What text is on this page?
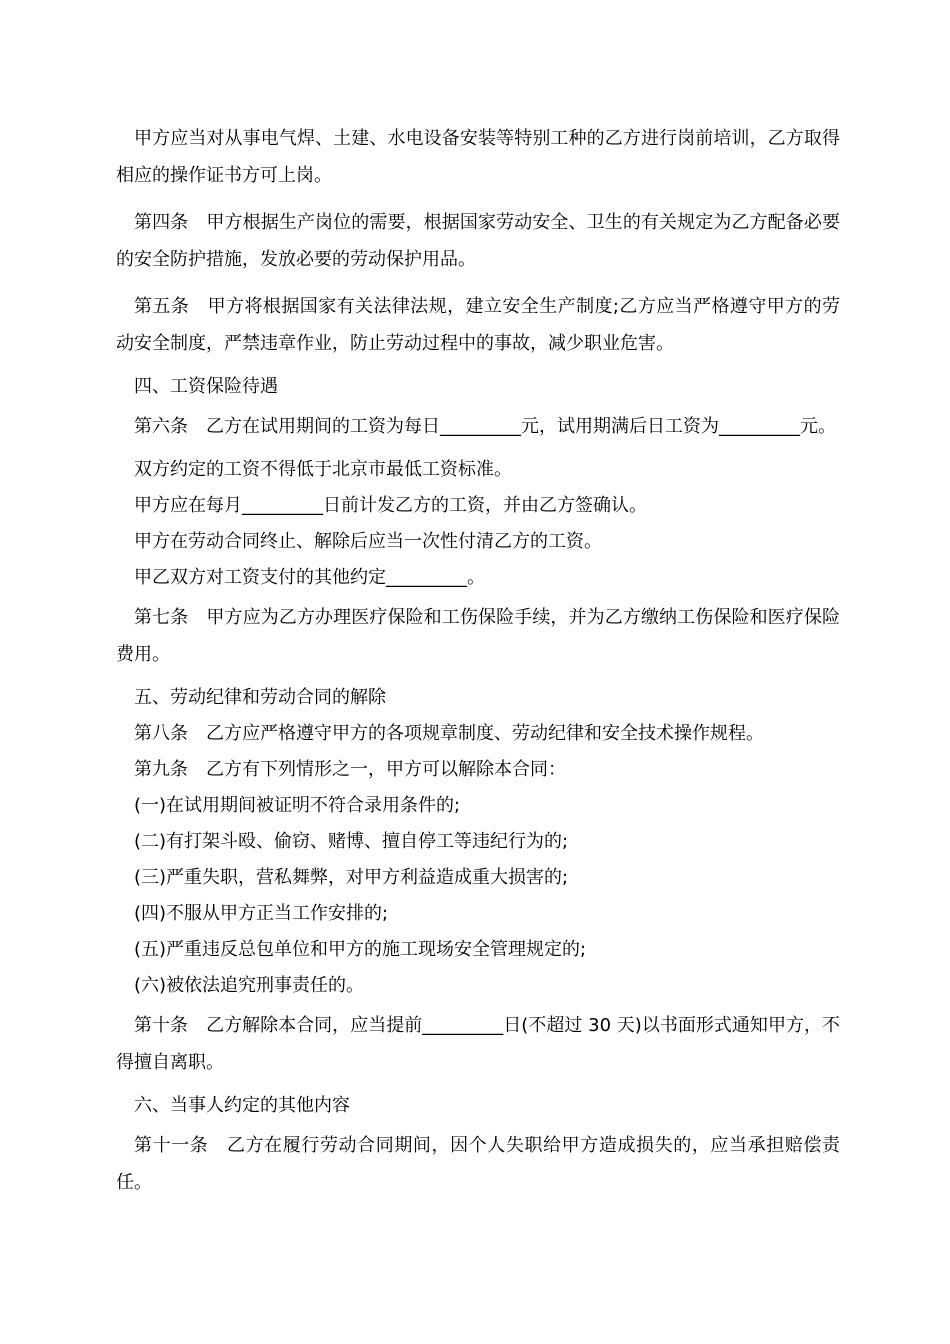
甲方应当对从事电气焊、土建、水电设备安装等特别工种的乙方进行岗前培训，乙方取得相应的操作证书方可上岗。

第四条　甲方根据生产岗位的需要，根据国家劳动安全、卫生的有关规定为乙方配备必要的安全防护措施，发放必要的劳动保护用品。

第五条　甲方将根据国家有关法律法规，建立安全生产制度;乙方应当严格遵守甲方的劳动安全制度，严禁违章作业，防止劳动过程中的事故，减少职业危害。

四、工资保险待遇

第六条　乙方在试用期间的工资为每日_________元，试用期满后日工资为_________元。

双方约定的工资不得低于北京市最低工资标准。

甲方应在每月_________日前计发乙方的工资，并由乙方签确认。

甲方在劳动合同终止、解除后应当一次性付清乙方的工资。

甲乙双方对工资支付的其他约定_________。

第七条　甲方应为乙方办理医疗保险和工伤保险手续，并为乙方缴纳工伤保险和医疗保险费用。

五、劳动纪律和劳动合同的解除

第八条　乙方应严格遵守甲方的各项规章制度、劳动纪律和安全技术操作规程。

第九条　乙方有下列情形之一，甲方可以解除本合同：

(一)在试用期间被证明不符合录用条件的;

(二)有打架斗殴、偷窃、赌博、擅自停工等违纪行为的;

(三)严重失职，营私舞弊，对甲方利益造成重大损害的;

(四)不服从甲方正当工作安排的;

(五)严重违反总包单位和甲方的施工现场安全管理规定的;

(六)被依法追究刑事责任的。

第十条　乙方解除本合同，应当提前_________日(不超过 30 天)以书面形式通知甲方，不得擅自离职。

六、当事人约定的其他内容

第十一条　乙方在履行劳动合同期间，因个人失职给甲方造成损失的，应当承担赔偿责任。
